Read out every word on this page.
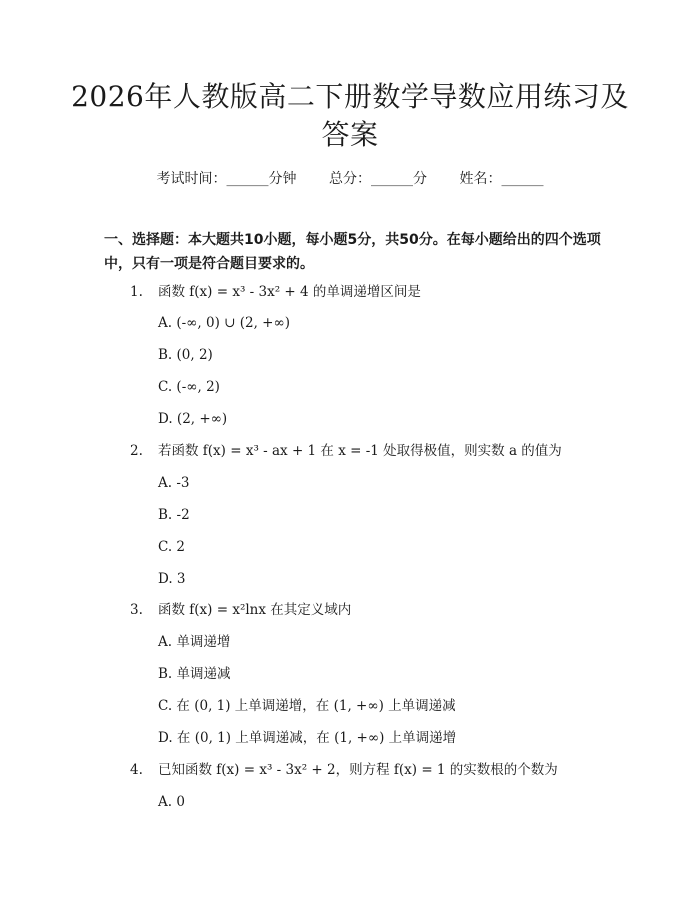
2026年人教版高二下册数学导数应用练习及答案
考试时间：______分钟 总分：______分 姓名：______
一、选择题：本大题共10小题，每小题5分，共50分。在每小题给出的四个选项中，只有一项是符合题目要求的。
1. 函数 f(x) = x³ - 3x² + 4 的单调递增区间是
A. (-∞, 0) ∪ (2, +∞)
B. (0, 2)
C. (-∞, 2)
D. (2, +∞)
2. 若函数 f(x) = x³ - ax + 1 在 x = -1 处取得极值，则实数 a 的值为
A. -3
B. -2
C. 2
D. 3
3. 函数 f(x) = x²lnx 在其定义域内
A. 单调递增
B. 单调递减
C. 在 (0, 1) 上单调递增，在 (1, +∞) 上单调递减
D. 在 (0, 1) 上单调递减，在 (1, +∞) 上单调递增
4. 已知函数 f(x) = x³ - 3x² + 2，则方程 f(x) = 1 的实数根的个数为
A. 0
